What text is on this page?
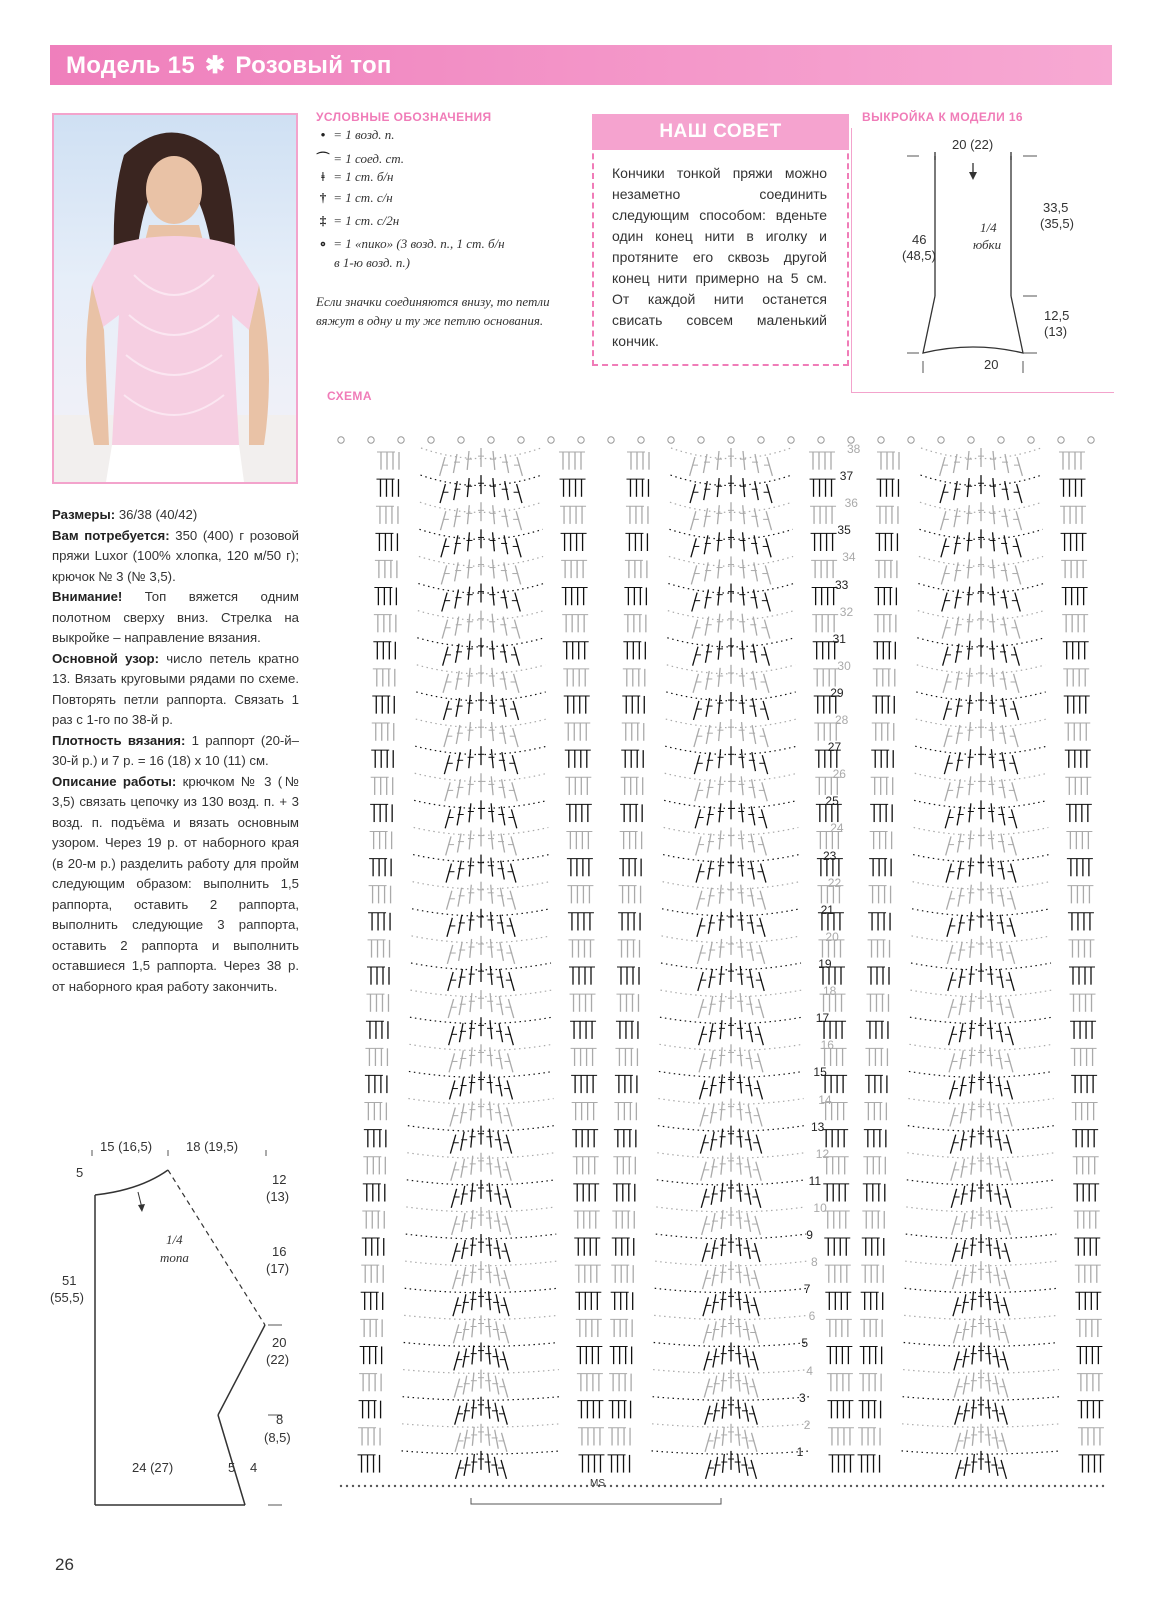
Модель 15 ✱ Розовый топ
УСЛОВНЫЕ ОБОЗНАЧЕНИЯ
• = 1 возд. п.
⌒ = 1 соед. ст.
ǂ = 1 ст. б/н
† = 1 ст. с/н
‡ = 1 ст. с/2н
∘ = 1 «пико» (3 возд. п., 1 ст. б/н
в 1-ю возд. п.)
Если значки соединяются внизу, то петли вяжут в одну и ту же петлю основания.
НАШ СОВЕТ
Кончики тонкой пряжи можно незаметно соединить следующим способом: вденьте один конец нити в иголку и протяните его сквозь другой конец нити примерно на 5 см. От каждой нити останется свисать совсем маленький кончик.
ВЫКРОЙКА К МОДЕЛИ 16
20 (22)
33,5
(35,5)
46
(48,5)
1/4
юбки
12,5
(13)
20
СХЕМА
Размеры: 36/38 (40/42)
Вам потребуется: 350 (400) г розовой пряжи Luxor (100% хлопка, 120 м/50 г); крючок № 3 (№ 3,5).
Внимание! Топ вяжется одним полотном сверху вниз. Стрелка на выкройке – направление вязания.
Основной узор: число петель кратно 13. Вязать круговыми рядами по схеме. Повторять петли раппорта. Связать 1 раз с 1-го по 38-й р.
Плотность вязания: 1 раппорт (20-й–30-й р.) и 7 р. = 16 (18) х 10 (11) см.
Описание работы: крючком № 3 (№ 3,5) связать цепочку из 130 возд. п. + 3 возд. п. подъёма и вязать основным узором. Через 19 р. от наборного края (в 20-м р.) разделить работу для пройм следующим образом: выполнить 1,5 раппорта, оставить 2 раппорта, выполнить следующие 3 раппорта, оставить 2 раппорта и выполнить оставшиеся 1,5 раппорта. Через 38 р. от наборного края работу закончить.
15 (16,5)	18 (19,5)
5	12
(13)
1/4
топа	16
(17)
51
(55,5)
20
(22)
8
(8,5)
24 (27)	5 4
38
37
36
35
34
33
32
31
30
29
28
27
26
25
24
23
22
21
20
19
18
17
16
15
14
13
12
11
10
9
8
7
6
5
4
3
2
1
MS
26
